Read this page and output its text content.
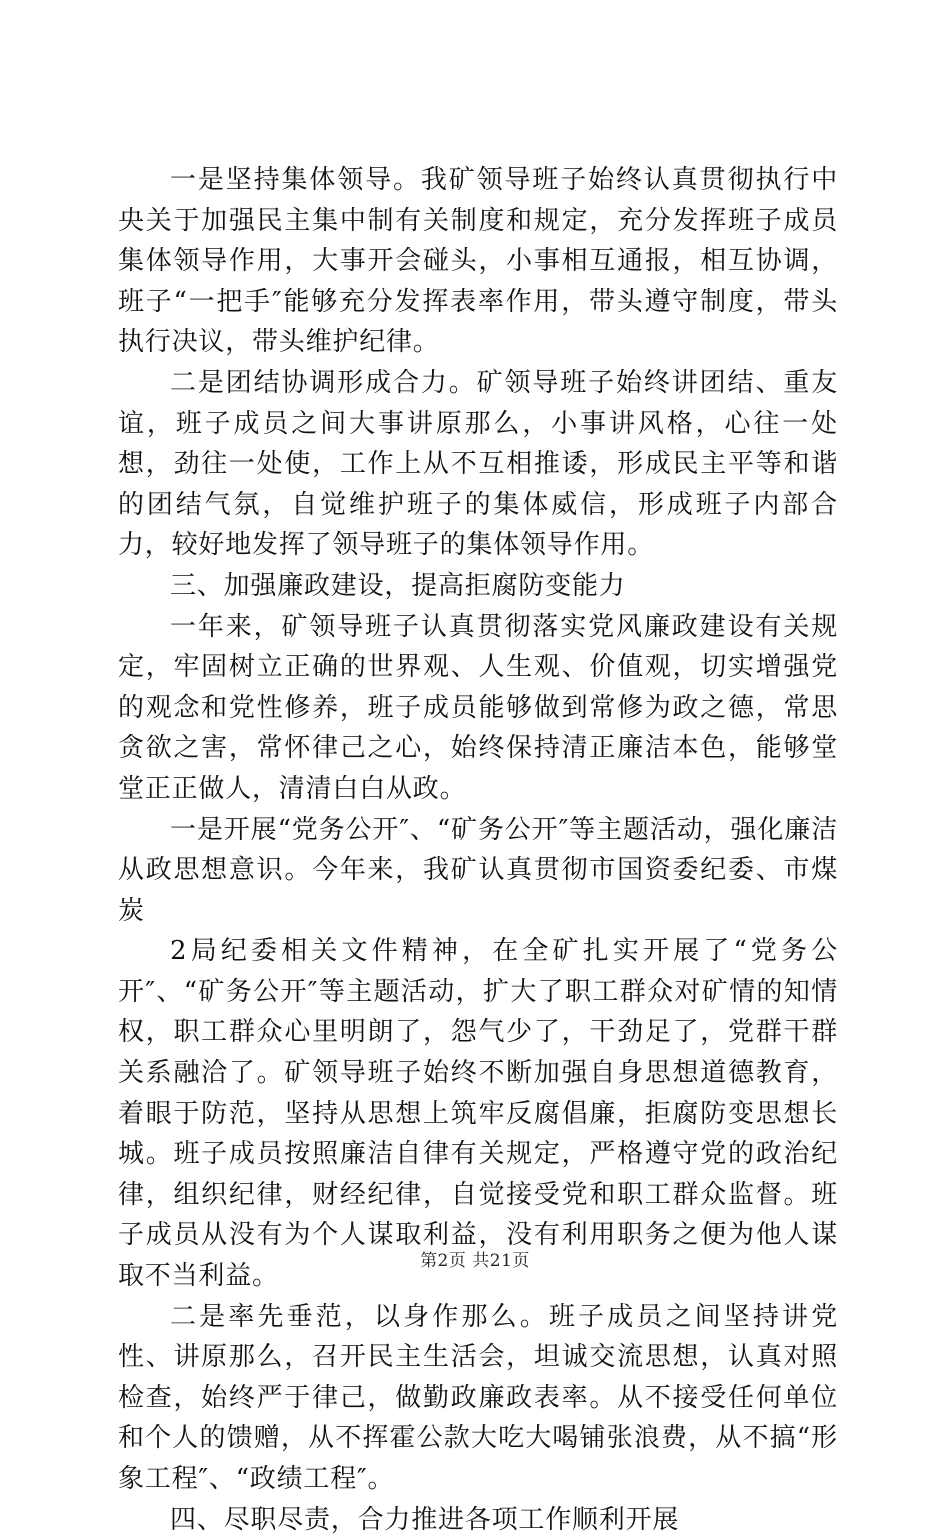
一是坚持集体领导。我矿领导班子始终认真贯彻执行中央关于加强民主集中制有关制度和规定，充分发挥班子成员集体领导作用，大事开会碰头，小事相互通报，相互协调，班子“一把手″能够充分发挥表率作用，带头遵守制度，带头执行决议，带头维护纪律。

二是团结协调形成合力。矿领导班子始终讲团结、重友谊，班子成员之间大事讲原那么，小事讲风格，心往一处想，劲往一处使，工作上从不互相推诿，形成民主平等和谐的团结气氛，自觉维护班子的集体威信，形成班子内部合力，较好地发挥了领导班子的集体领导作用。

三、加强廉政建设，提高拒腐防变能力

一年来，矿领导班子认真贯彻落实党风廉政建设有关规定，牢固树立正确的世界观、人生观、价值观，切实增强党的观念和党性修养，班子成员能够做到常修为政之德，常思贪欲之害，常怀律己之心，始终保持清正廉洁本色，能够堂堂正正做人，清清白白从政。

一是开展“党务公开″、“矿务公开″等主题活动，强化廉洁从政思想意识。今年来，我矿认真贯彻市国资委纪委、市煤炭

2局纪委相关文件精神，在全矿扎实开展了“党务公开″、“矿务公开″等主题活动，扩大了职工群众对矿情的知情权，职工群众心里明朗了，怨气少了，干劲足了，党群干群关系融洽了。矿领导班子始终不断加强自身思想道德教育，着眼于防范，坚持从思想上筑牢反腐倡廉，拒腐防变思想长城。班子成员按照廉洁自律有关规定，严格遵守党的政治纪律，组织纪律，财经纪律，自觉接受党和职工群众监督。班子成员从没有为个人谋取利益，没有利用职务之便为他人谋取不当利益。

二是率先垂范，以身作那么。班子成员之间坚持讲党性、讲原那么，召开民主生活会，坦诚交流思想，认真对照检查，始终严于律己，做勤政廉政表率。从不接受任何单位和个人的馈赠，从不挥霍公款大吃大喝铺张浪费，从不搞“形象工程″、“政绩工程″。

四、尽职尽责，合力推进各项工作顺利开展

第2页 共21页
